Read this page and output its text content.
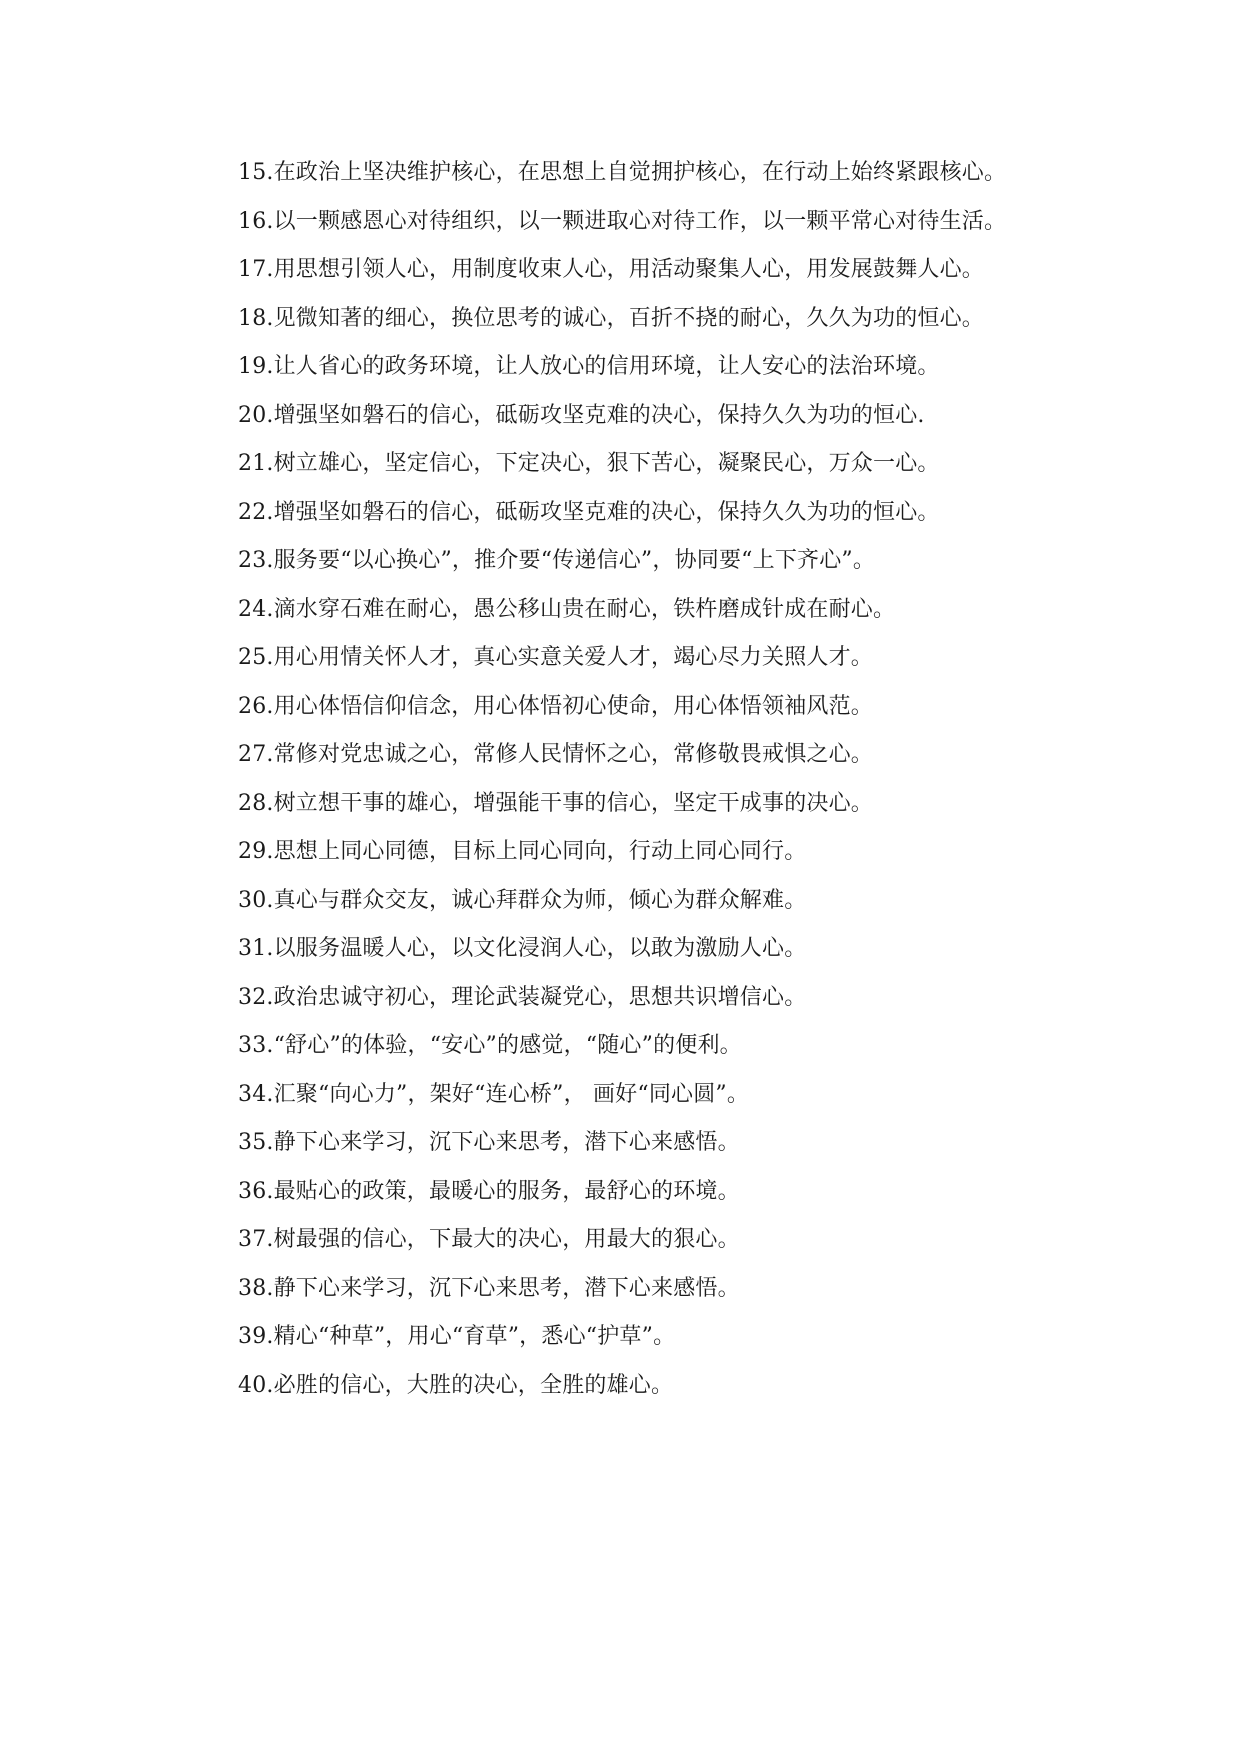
15.在政治上坚决维护核心，在思想上自觉拥护核心，在行动上始终紧跟核心。

16.以一颗感恩心对待组织，以一颗进取心对待工作，以一颗平常心对待生活。

17.用思想引领人心，用制度收束人心，用活动聚集人心，用发展鼓舞人心。

18.见微知著的细心，换位思考的诚心，百折不挠的耐心，久久为功的恒心。

19.让人省心的政务环境，让人放心的信用环境，让人安心的法治环境。

20.增强坚如磐石的信心，砥砺攻坚克难的决心，保持久久为功的恒心.

21.树立雄心，坚定信心，下定决心，狠下苦心，凝聚民心，万众一心。

22.增强坚如磐石的信心，砥砺攻坚克难的决心，保持久久为功的恒心。

23.服务要“以心换心”，推介要“传递信心”，协同要“上下齐心”。

24.滴水穿石难在耐心，愚公移山贵在耐心，铁杵磨成针成在耐心。

25.用心用情关怀人才，真心实意关爱人才，竭心尽力关照人才。

26.用心体悟信仰信念，用心体悟初心使命，用心体悟领袖风范。

27.常修对党忠诚之心，常修人民情怀之心，常修敬畏戒惧之心。

28.树立想干事的雄心，增强能干事的信心，坚定干成事的决心。

29.思想上同心同德，目标上同心同向，行动上同心同行。

30.真心与群众交友，诚心拜群众为师，倾心为群众解难。

31.以服务温暖人心，以文化浸润人心，以敢为激励人心。

32.政治忠诚守初心，理论武装凝党心，思想共识增信心。

33.“舒心”的体验，“安心”的感觉，“随心”的便利。

34.汇聚“向心力”，架好“连心桥”， 画好“同心圆”。

35.静下心来学习，沉下心来思考，潜下心来感悟。

36.最贴心的政策，最暖心的服务，最舒心的环境。

37.树最强的信心，下最大的决心，用最大的狠心。

38.静下心来学习，沉下心来思考，潜下心来感悟。

39.精心“种草”，用心“育草”，悉心“护草”。

40.必胜的信心，大胜的决心，全胜的雄心。
